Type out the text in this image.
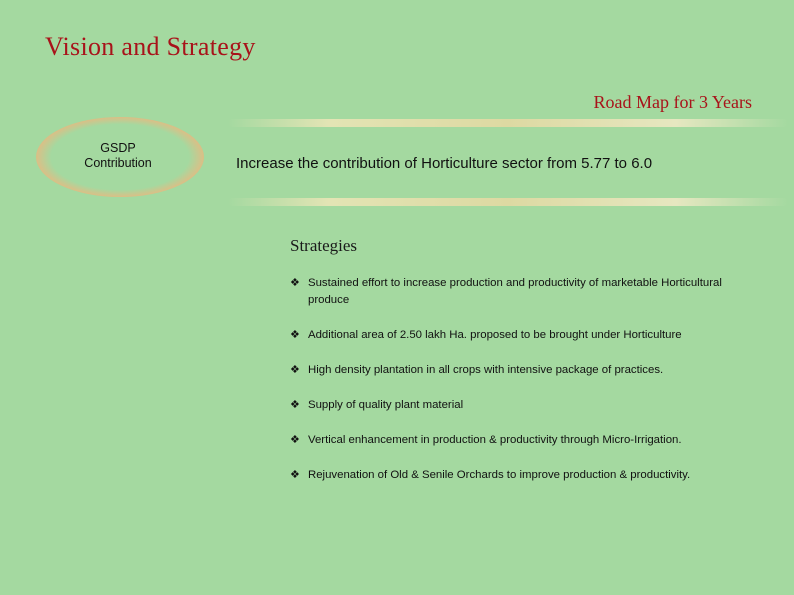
Vision and Strategy
Road Map for 3 Years
GSDP
Contribution	Increase the contribution of Horticulture sector from 5.77 to 6.0
Strategies
❖ Sustained effort to increase production and productivity of marketable Horticultural produce
❖ Additional area of 2.50 lakh Ha. proposed to be brought under Horticulture
❖ High density plantation in all crops with intensive package of practices.
❖ Supply of quality plant material
❖ Vertical enhancement in production & productivity through Micro-Irrigation.
❖ Rejuvenation of Old & Senile Orchards to improve production & productivity.
